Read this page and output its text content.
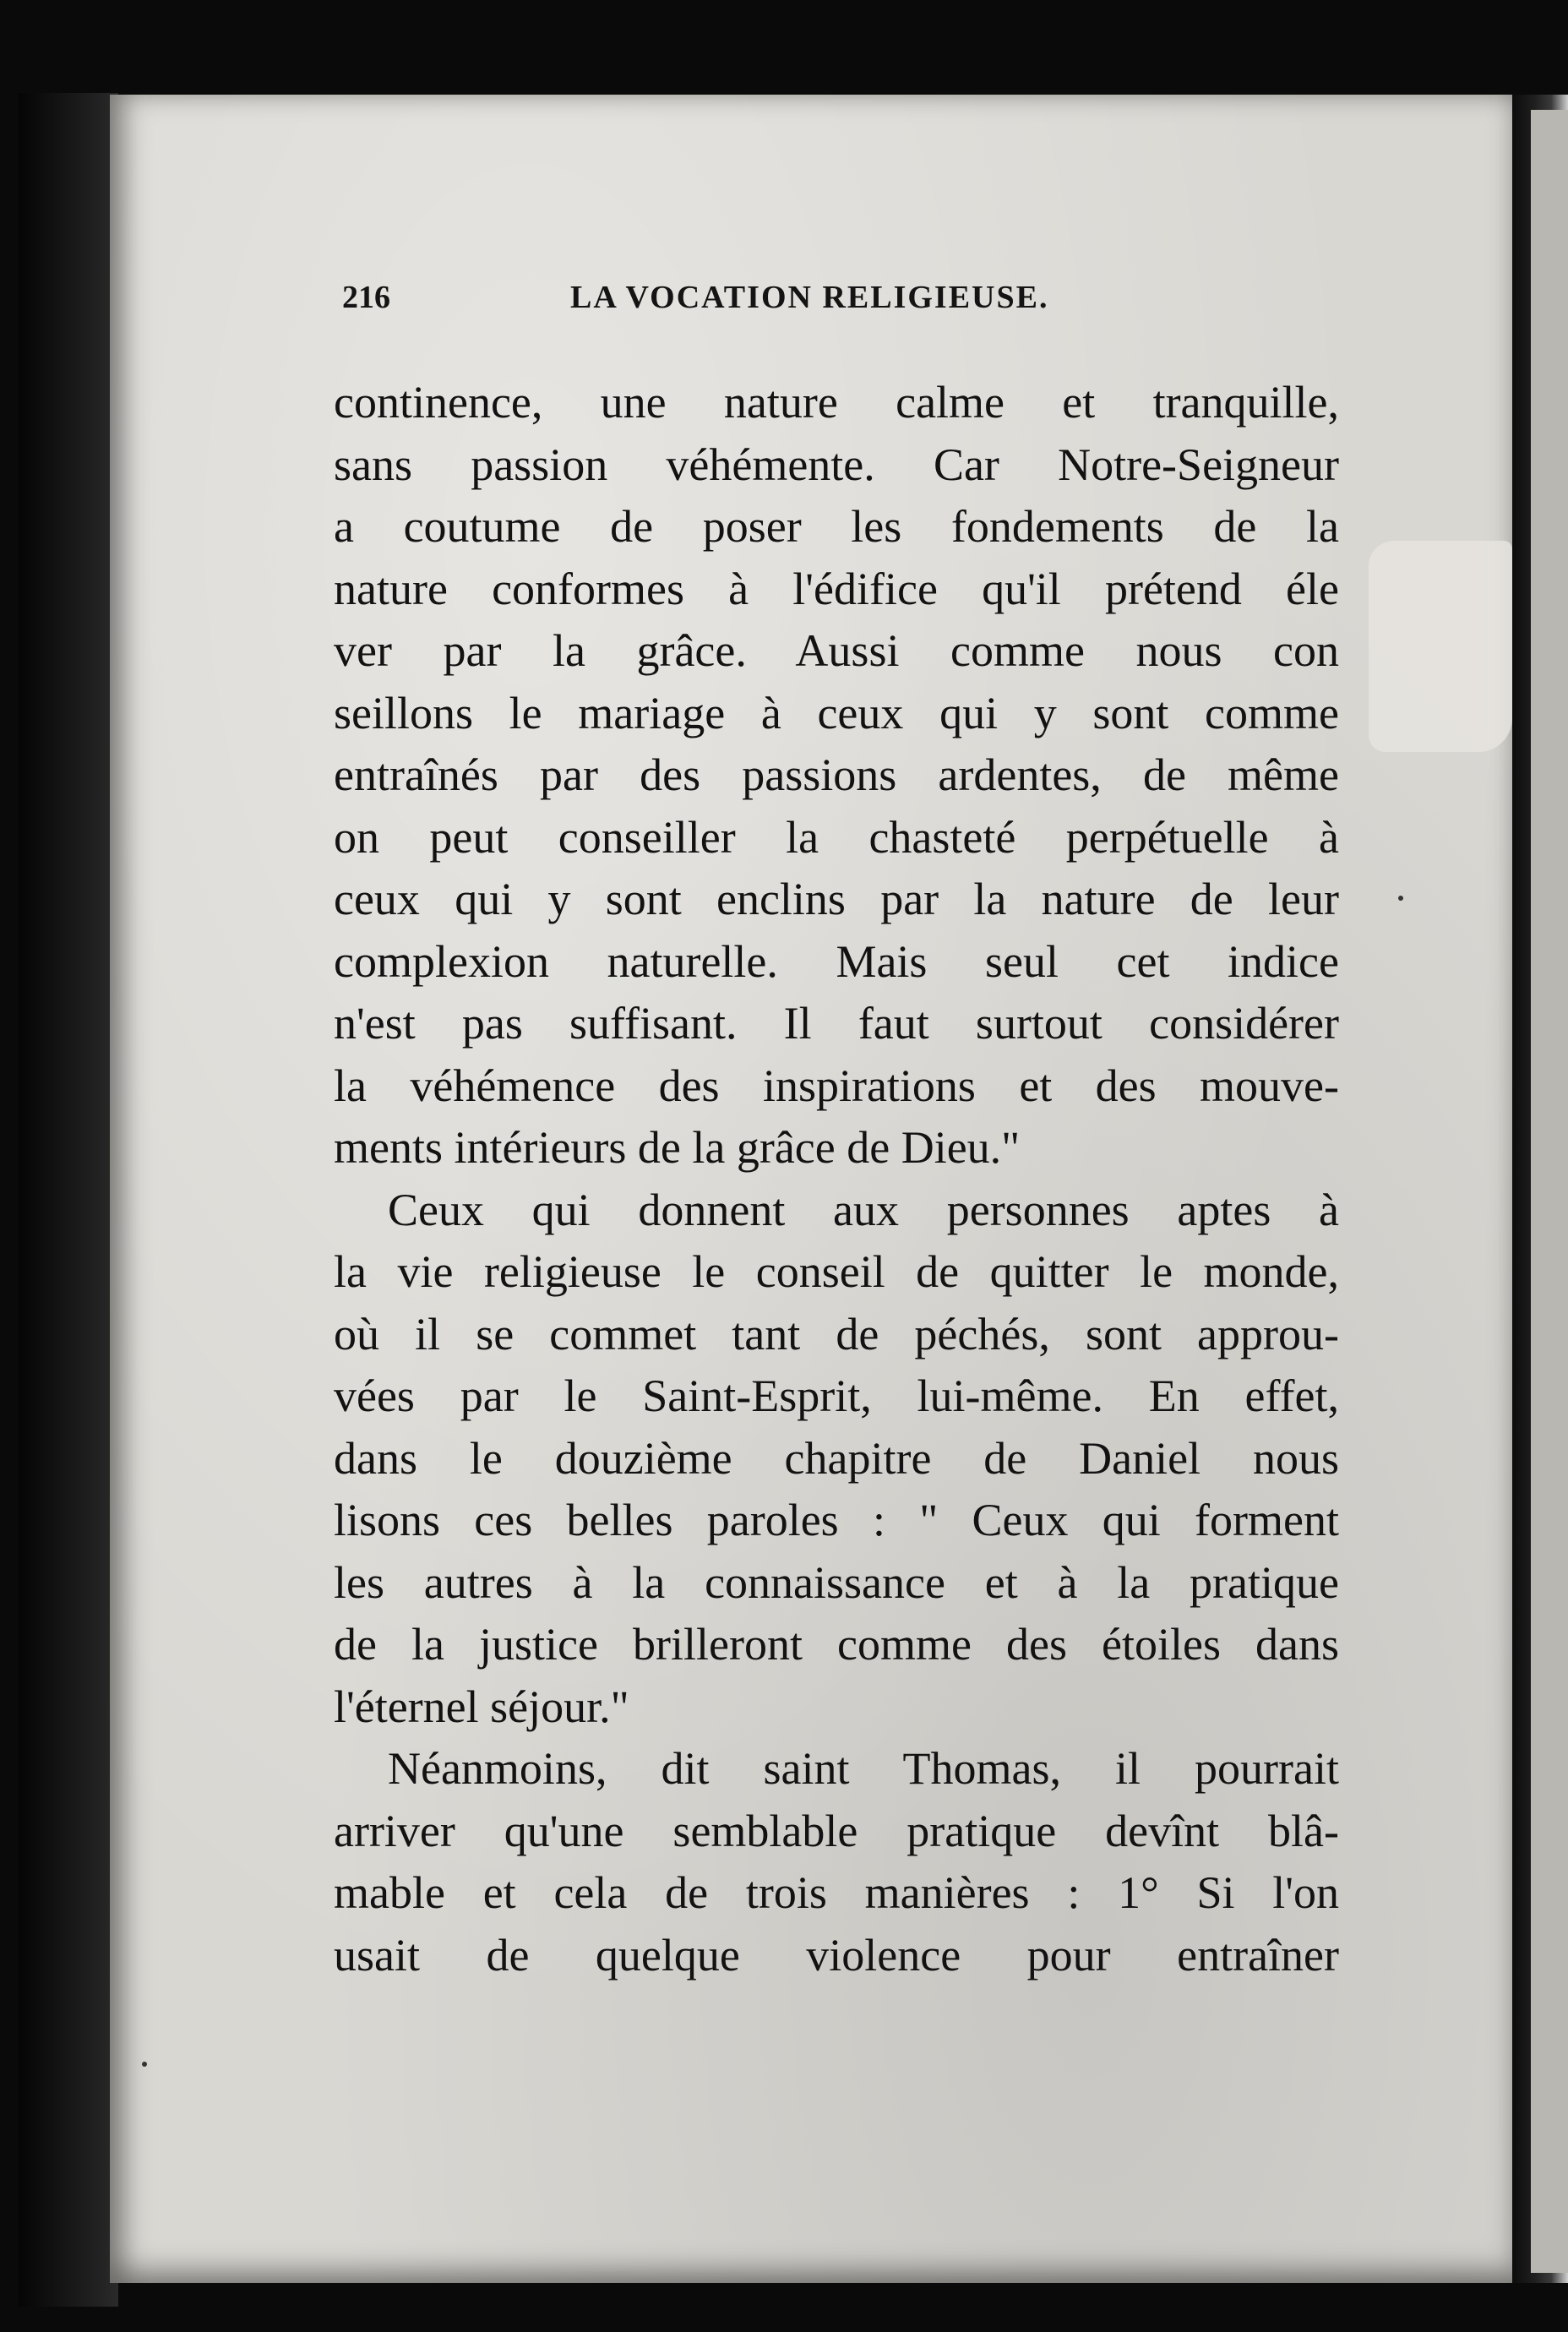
216	LA VOCATION RELIGIEUSE.
continence, une nature calme et tranquille,
sans passion véhémente. Car Notre-Seigneur
a coutume de poser les fondements de la
nature conformes à l'édifice qu'il prétend éle
ver par la grâce. Aussi comme nous con
seillons le mariage à ceux qui y sont comme
entraînés par des passions ardentes, de même
on peut conseiller la chasteté perpétuelle à
ceux qui y sont enclins par la nature de leur
complexion naturelle. Mais seul cet indice
n'est pas suffisant. Il faut surtout considérer
la véhémence des inspirations et des mouve-
ments intérieurs de la grâce de Dieu."
Ceux qui donnent aux personnes aptes à
la vie religieuse le conseil de quitter le monde,
où il se commet tant de péchés, sont approu-
vées par le Saint-Esprit, lui-même. En effet,
dans le douzième chapitre de Daniel nous
lisons ces belles paroles : " Ceux qui forment
les autres à la connaissance et à la pratique
de la justice brilleront comme des étoiles dans
l'éternel séjour."
Néanmoins, dit saint Thomas, il pourrait
arriver qu'une semblable pratique devînt blâ-
mable et cela de trois manières : 1° Si l'on
usait de quelque violence pour entraîner
